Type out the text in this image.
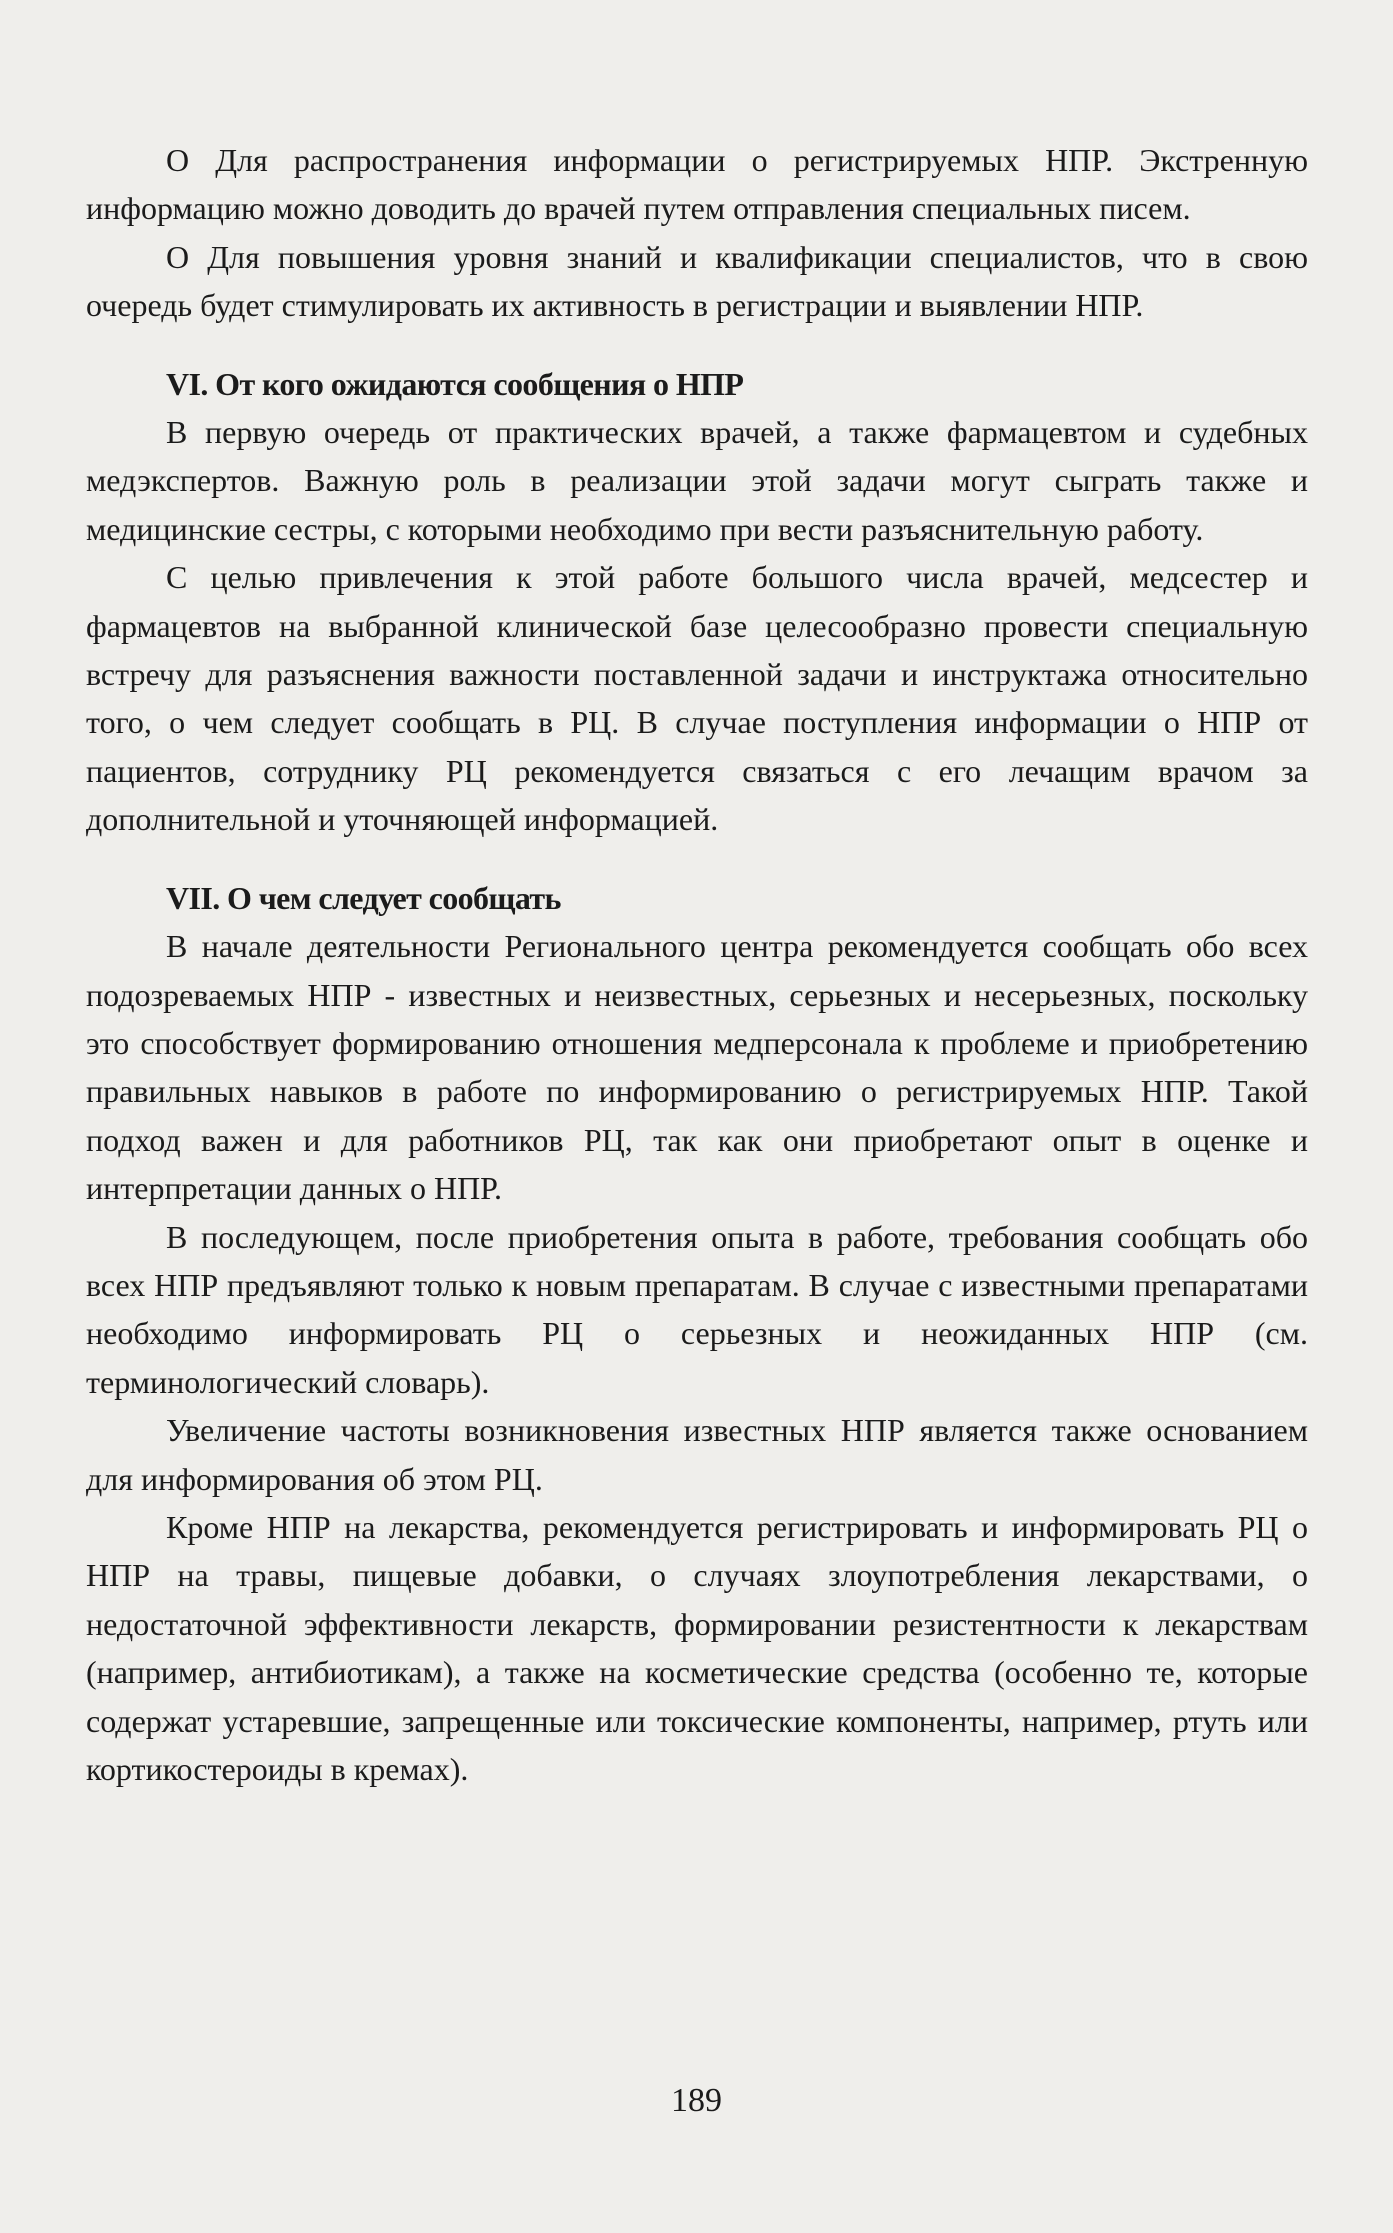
О Для распространения информации о регистрируемых НПР. Экстренную информацию можно доводить до врачей путем отправления специальных писем.

О Для повышения уровня знаний и квалификации специалистов, что в свою очередь будет стимулировать их активность в регистрации и выявлении НПР.

VI. От кого ожидаются сообщения о НПР

В первую очередь от практических врачей, а также фармацевтом и судебных медэкспертов. Важную роль в реализации этой задачи могут сыграть также и медицинские сестры, с которыми необходимо при вести разъяснительную работу.

С целью привлечения к этой работе большого числа врачей, медсестер и фармацевтов на выбранной клинической базе целесообразно провести специальную встречу для разъяснения важности поставленной задачи и инструктажа относительно того, о чем следует сообщать в РЦ. В случае поступления информации о НПР от пациентов, сотруднику РЦ рекомендуется связаться с его лечащим врачом за дополнительной и уточняющей информацией.

VII. О чем следует сообщать

В начале деятельности Регионального центра рекомендуется сообщать обо всех подозреваемых НПР - известных и неизвестных, серьезных и несерьезных, поскольку это способствует формированию отношения медперсонала к проблеме и приобретению правильных навыков в работе по информированию о регистрируемых НПР. Такой подход важен и для работников РЦ, так как они приобретают опыт в оценке и интерпретации данных о НПР.

В последующем, после приобретения опыта в работе, требования сообщать обо всех НПР предъявляют только к новым препаратам. В случае с известными препаратами необходимо информировать РЦ о серьезных и неожиданных НПР (см. терминологический словарь).

Увеличение частоты возникновения известных НПР является также основанием для информирования об этом РЦ.

Кроме НПР на лекарства, рекомендуется регистрировать и информировать РЦ о НПР на травы, пищевые добавки, о случаях злоупотребления лекарствами, о недостаточной эффективности лекарств, формировании резистентности к лекарствам (например, антибиотикам), а также на косметические средства (особенно те, которые содержат устаревшие, запрещенные или токсические компоненты, например, ртуть или кортикостероиды в кремах).

189
